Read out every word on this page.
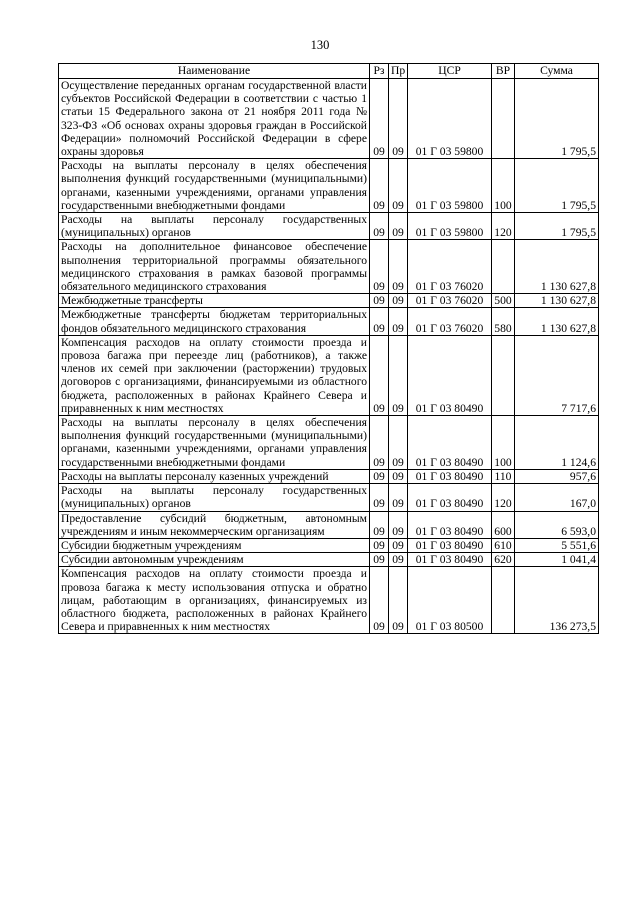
130
Наименование	Рз	Пр	ЦСР	ВР	Сумма
Осуществление переданных органам государственной власти субъектов Российской Федерации в соответствии с частью 1 статьи 15 Федерального закона от 21 ноября 2011 года № 323-ФЗ «Об основах охраны здоровья граждан в Российской Федерации» полномочий Российской Федерации в сфере охраны здоровья	09	09	01 Г 03 59800		1 795,5
Расходы на выплаты персоналу в целях обеспечения выполнения функций государственными (муниципальными) органами, казенными учреждениями, органами управления государственными внебюджетными фондами	09	09	01 Г 03 59800	100	1 795,5
Расходы на выплаты персоналу государственных (муниципальных) органов	09	09	01 Г 03 59800	120	1 795,5
Расходы на дополнительное финансовое обеспечение выполнения территориальной программы обязательного медицинского страхования в рамках базовой программы обязательного медицинского страхования	09	09	01 Г 03 76020		1 130 627,8
Межбюджетные трансферты	09	09	01 Г 03 76020	500	1 130 627,8
Межбюджетные трансферты бюджетам территориальных фондов обязательного медицинского страхования	09	09	01 Г 03 76020	580	1 130 627,8
Компенсация расходов на оплату стоимости проезда и провоза багажа при переезде лиц (работников), а также членов их семей при заключении (расторжении) трудовых договоров с организациями, финансируемыми из областного бюджета, расположенных в районах Крайнего Севера и приравненных к ним местностях	09	09	01 Г 03 80490		7 717,6
Расходы на выплаты персоналу в целях обеспечения выполнения функций государственными (муниципальными) органами, казенными учреждениями, органами управления государственными внебюджетными фондами	09	09	01 Г 03 80490	100	1 124,6
Расходы на выплаты персоналу казенных учреждений	09	09	01 Г 03 80490	110	957,6
Расходы на выплаты персоналу государственных (муниципальных) органов	09	09	01 Г 03 80490	120	167,0
Предоставление субсидий бюджетным, автономным учреждениям и иным некоммерческим организациям	09	09	01 Г 03 80490	600	6 593,0
Субсидии бюджетным учреждениям	09	09	01 Г 03 80490	610	5 551,6
Субсидии автономным учреждениям	09	09	01 Г 03 80490	620	1 041,4
Компенсация расходов на оплату стоимости проезда и провоза багажа к месту использования отпуска и обратно лицам, работающим в организациях, финансируемых из областного бюджета, расположенных в районах Крайнего Севера и приравненных к ним местностях	09	09	01 Г 03 80500		136 273,5
